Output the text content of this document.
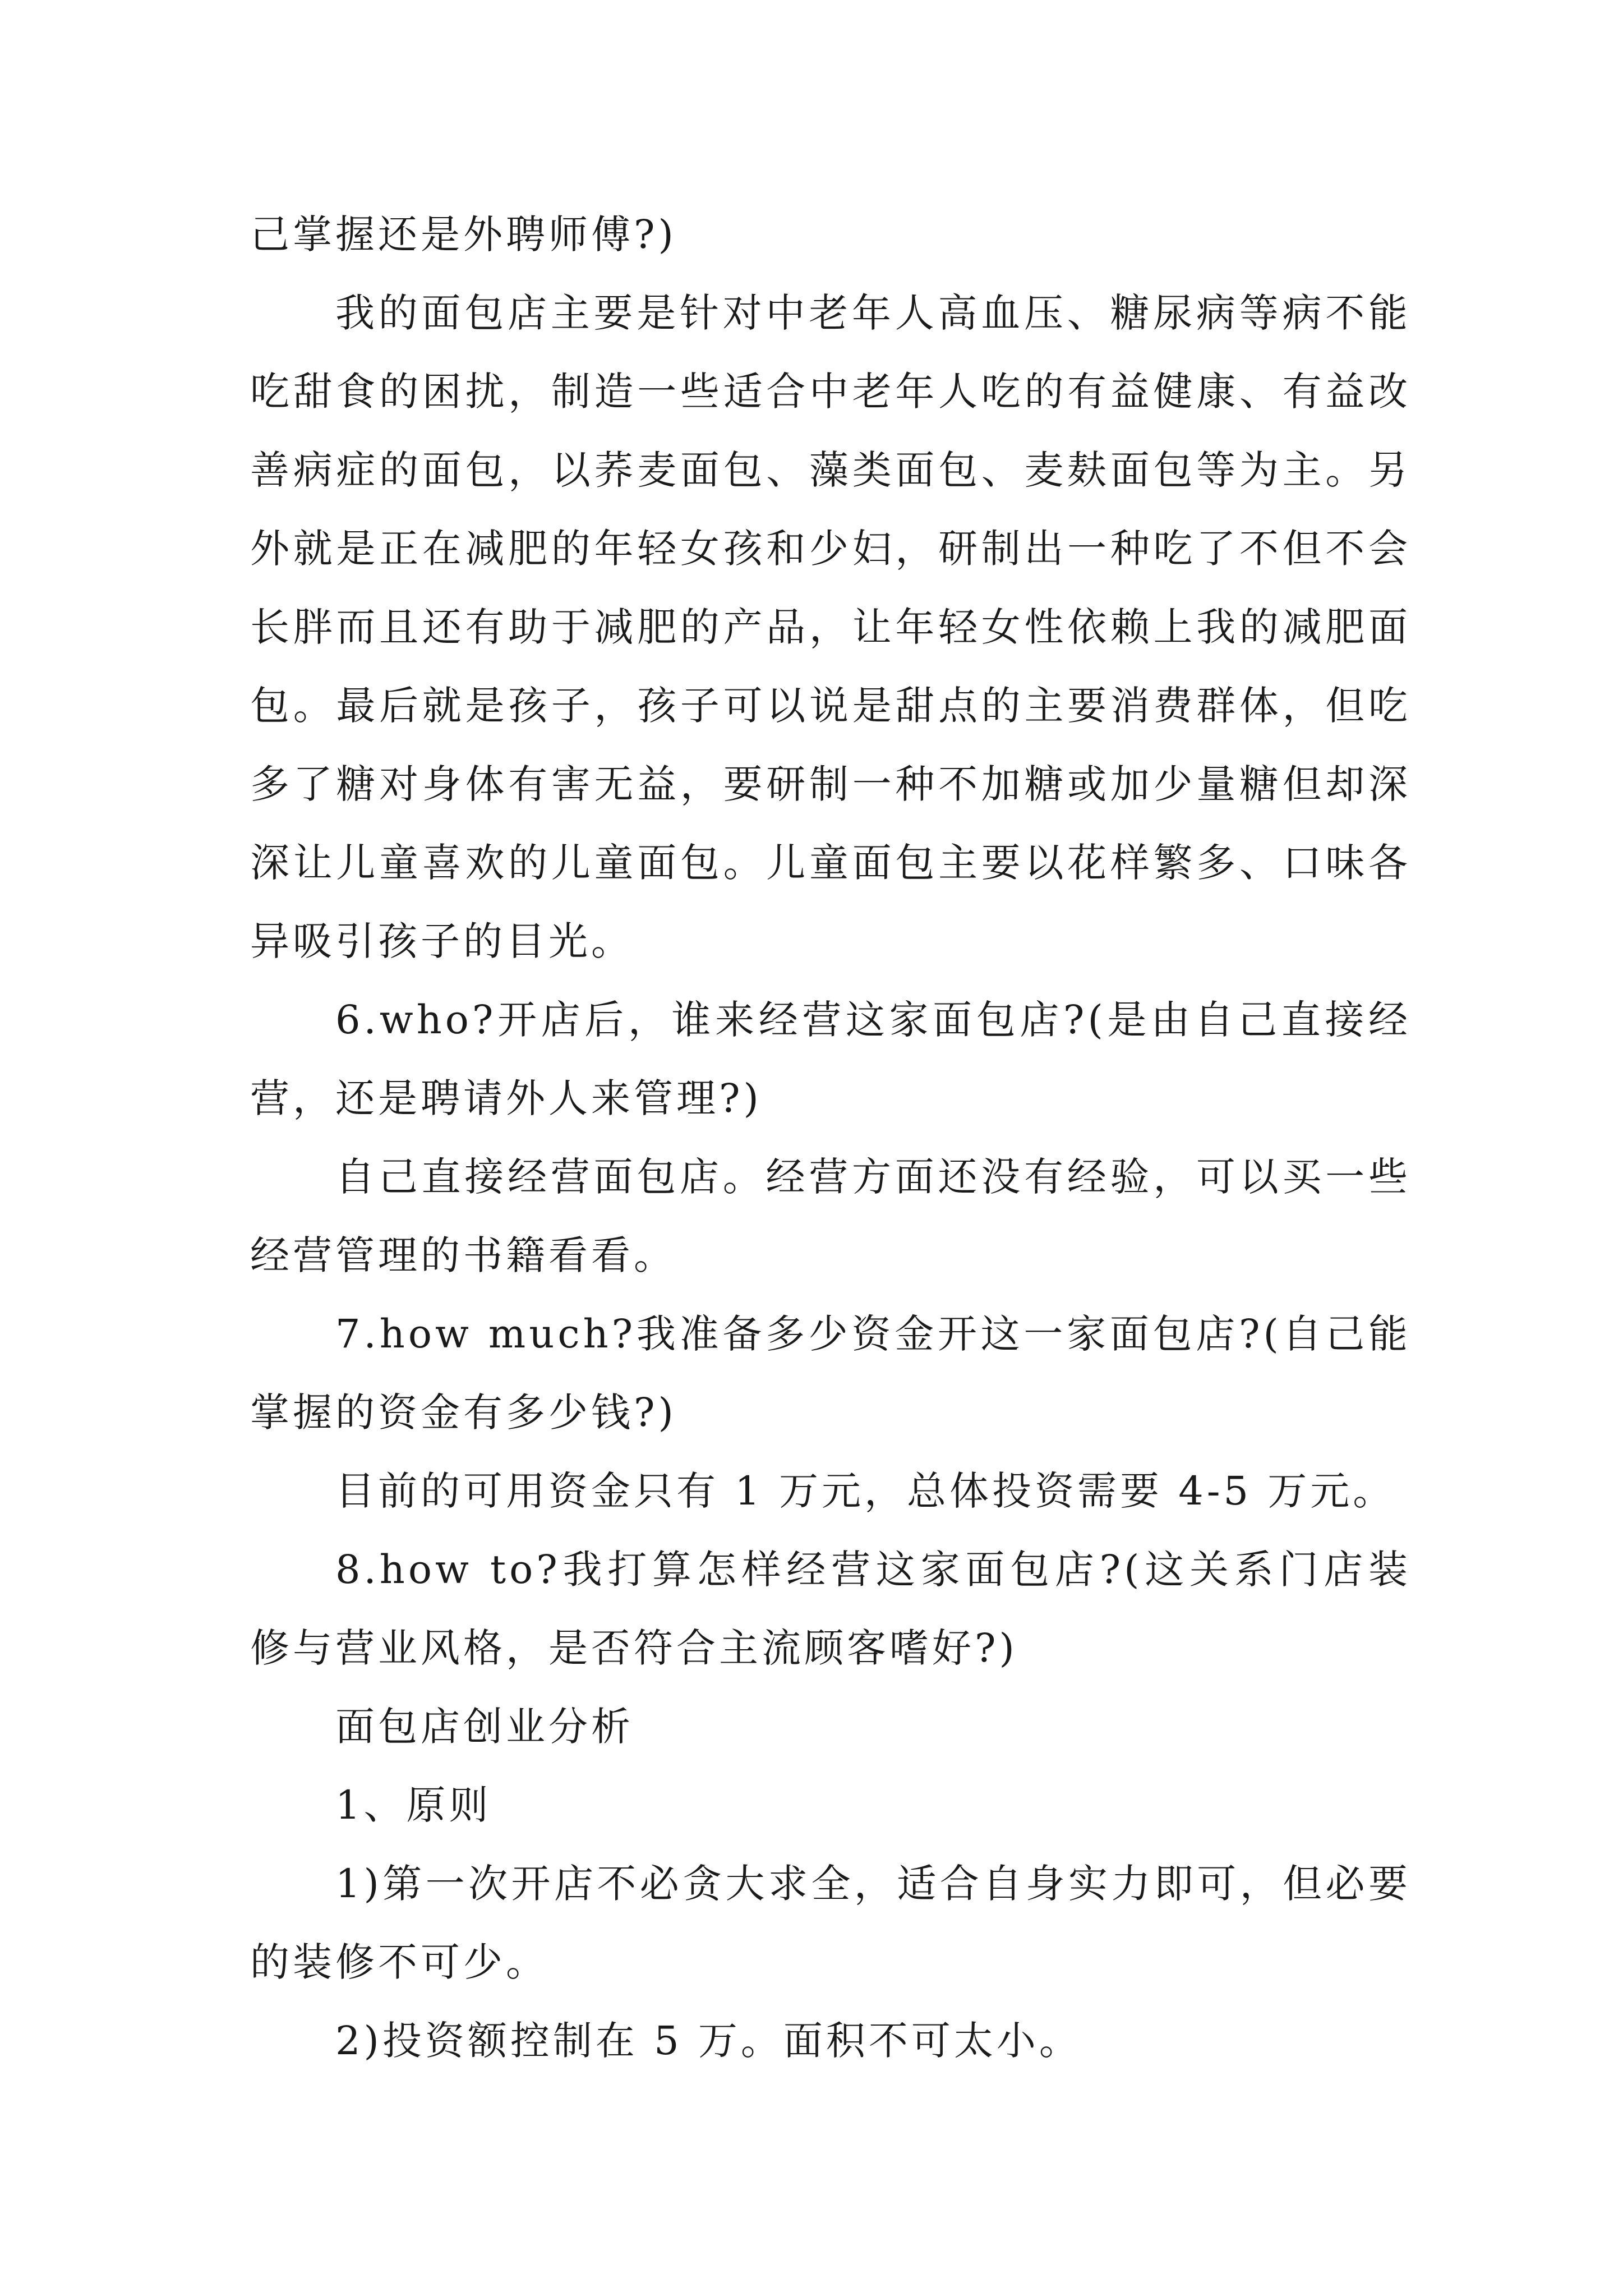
己掌握还是外聘师傅?)

我的面包店主要是针对中老年人高血压、糖尿病等病不能吃甜食的困扰，制造一些适合中老年人吃的有益健康、有益改善病症的面包，以荞麦面包、藻类面包、麦麸面包等为主。另外就是正在减肥的年轻女孩和少妇，研制出一种吃了不但不会长胖而且还有助于减肥的产品，让年轻女性依赖上我的减肥面包。最后就是孩子，孩子可以说是甜点的主要消费群体，但吃多了糖对身体有害无益，要研制一种不加糖或加少量糖但却深深让儿童喜欢的儿童面包。儿童面包主要以花样繁多、口味各异吸引孩子的目光。

6.who?开店后，谁来经营这家面包店?(是由自己直接经营，还是聘请外人来管理?)

自己直接经营面包店。经营方面还没有经验，可以买一些经营管理的书籍看看。

7.how much?我准备多少资金开这一家面包店?(自己能掌握的资金有多少钱?)

目前的可用资金只有 1 万元，总体投资需要 4-5 万元。

8.how to?我打算怎样经营这家面包店?(这关系门店装修与营业风格，是否符合主流顾客嗜好?)

面包店创业分析

1、原则

1)第一次开店不必贪大求全，适合自身实力即可，但必要的装修不可少。

2)投资额控制在 5 万。面积不可太小。
